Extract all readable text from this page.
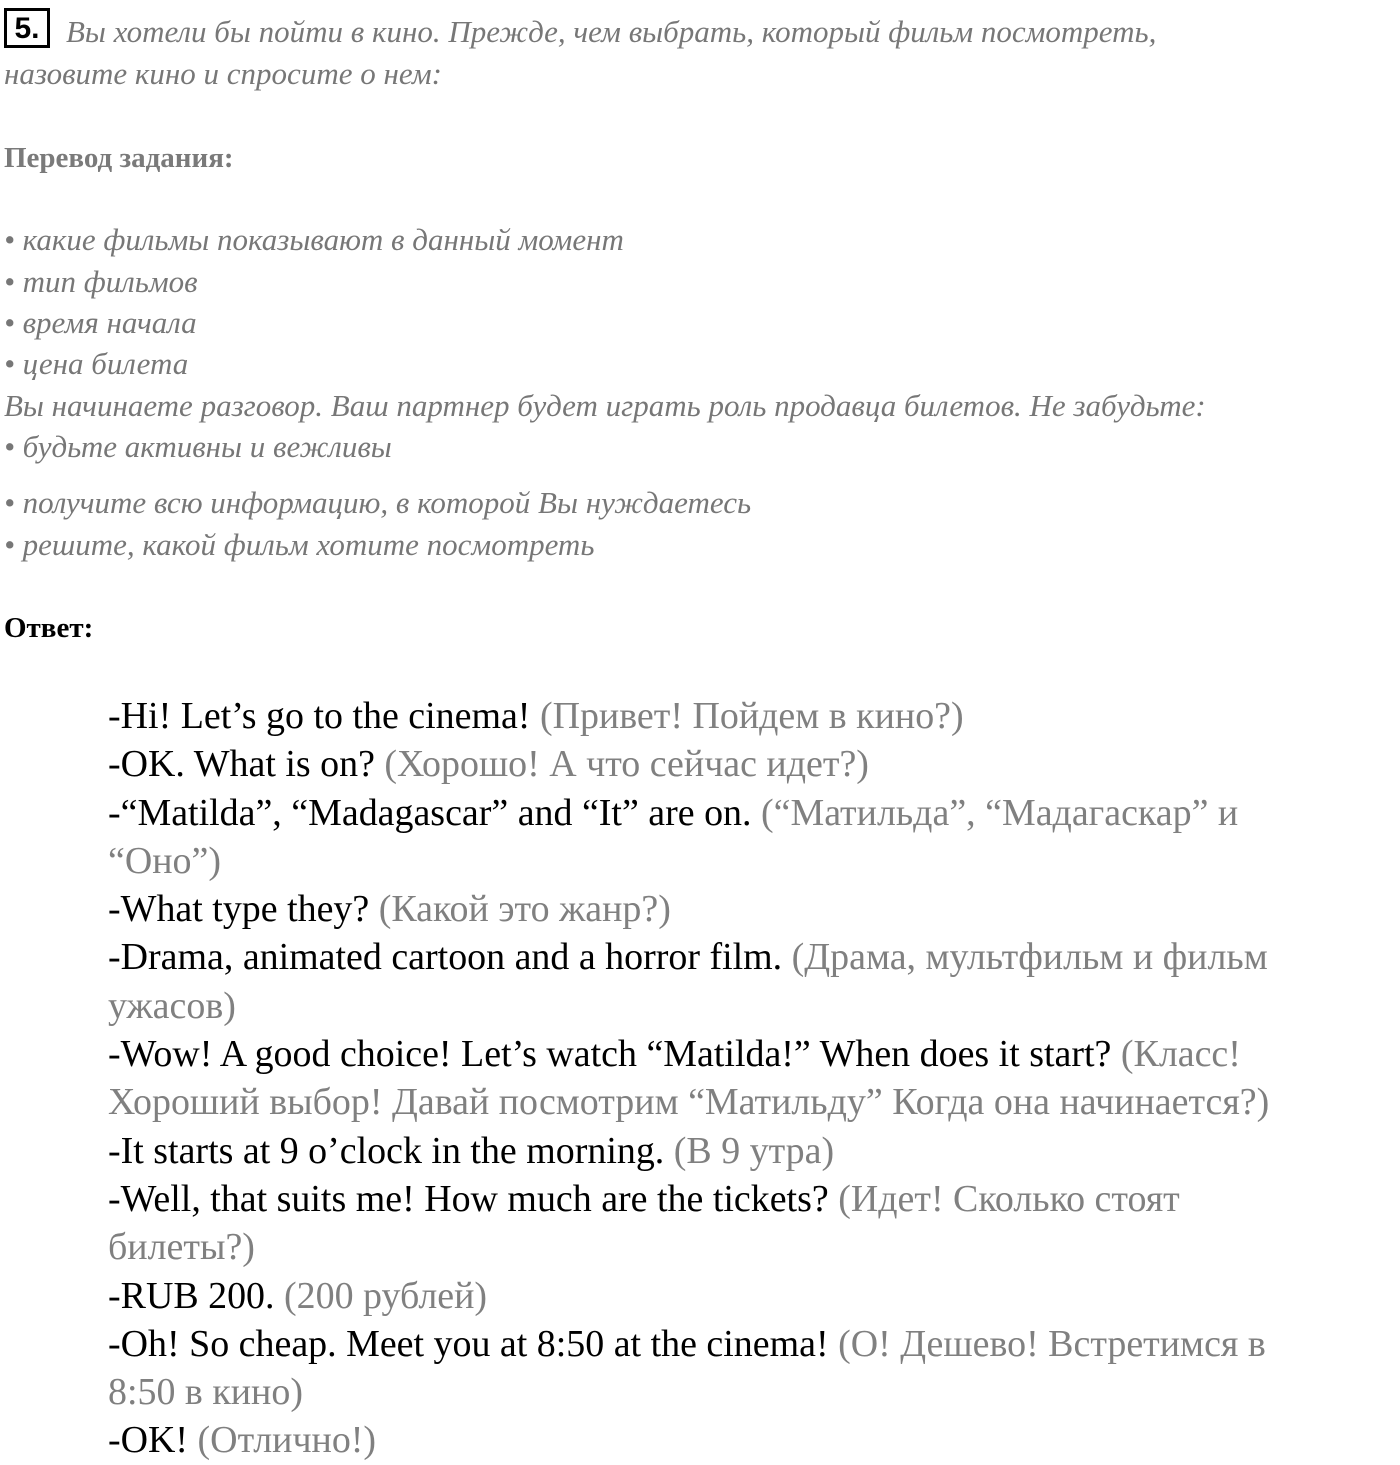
5. Вы хотели бы пойти в кино. Прежде, чем выбрать, который фильм посмотреть,
назовите кино и спросите о нем:
Перевод задания:
• какие фильмы показывают в данный момент
• тип фильмов
• время начала
• цена билета
Вы начинаете разговор. Ваш партнер будет играть роль продавца билетов. Не забудьте:
• будьте активны и вежливы
• получите всю информацию, в которой Вы нуждаетесь
• решите, какой фильм хотите посмотреть
Ответ:
-Hi! Let’s go to the cinema! (Привет! Пойдем в кино?)
-OK. What is on? (Хорошо! А что сейчас идет?)
-“Matilda”, “Madagascar” and “It” are on. (“Матильда”, “Мадагаскар” и
“Оно”)
-What type they? (Какой это жанр?)
-Drama, animated cartoon and a horror film. (Драма, мультфильм и фильм
ужасов)
-Wow! A good choice! Let’s watch “Matilda!” When does it start? (Класс!
Хороший выбор! Давай посмотрим “Матильду” Когда она начинается?)
-It starts at 9 o’clock in the morning. (В 9 утра)
-Well, that suits me! How much are the tickets? (Идет! Сколько стоят
билеты?)
-RUB 200. (200 рублей)
-Oh! So cheap. Meet you at 8:50 at the cinema! (О! Дешево! Встретимся в
8:50 в кино)
-OK! (Отлично!)
